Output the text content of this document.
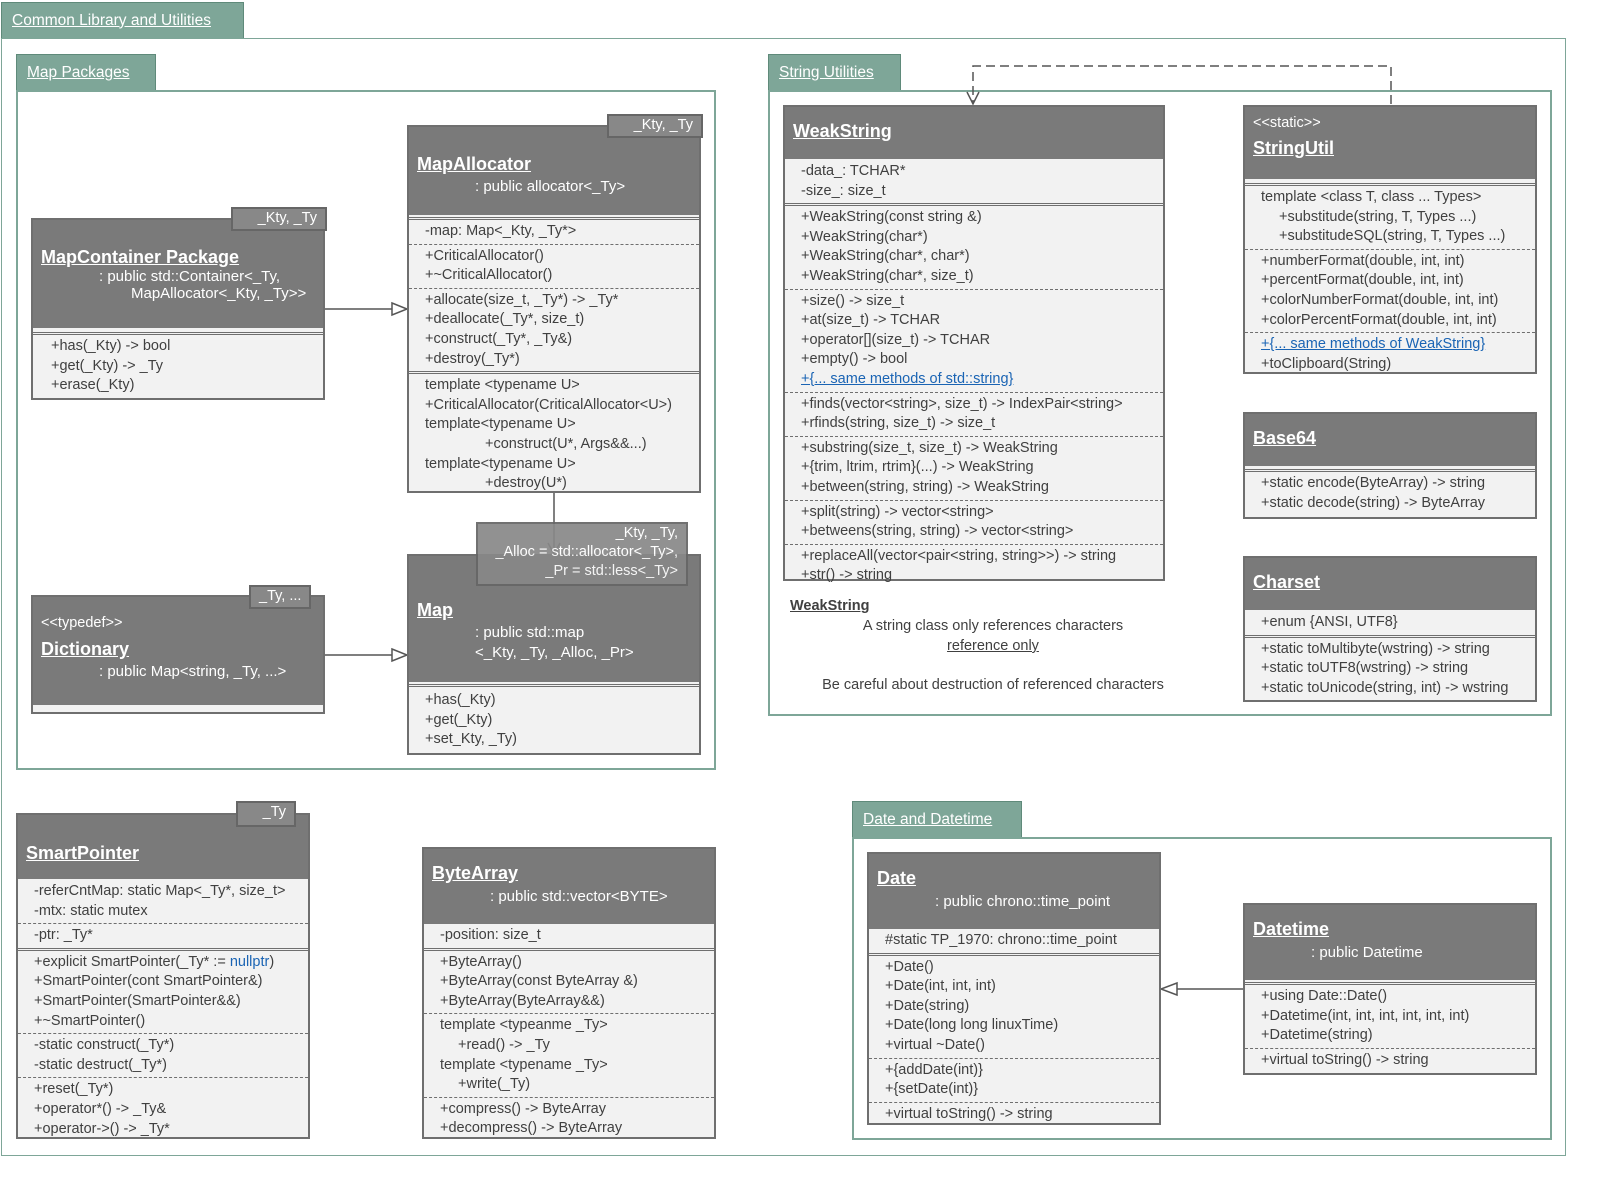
Common Library and Utilities
Map Packages	String Utilities
Date and Datetime
MapContainer Package
: public std::Container<_Ty,
MapAllocator<_Kty, _Ty>>
+has(_Kty) -> bool
+get(_Kty) -> _Ty
+erase(_Kty)
_Kty, _Ty
MapAllocator
: public allocator<_Ty>
-map: Map<_Kty, _Ty*>
+CriticalAllocator()
+~CriticalAllocator()
+allocate(size_t, _Ty*) -> _Ty*
+deallocate(_Ty*, size_t)
+construct(_Ty*, _Ty&)
+destroy(_Ty*)
template <typename U>
+CriticalAllocator(CriticalAllocator<U>)
template<typename U>
+construct(U*, Args&&...)
template<typename U>
+destroy(U*)
_Kty, _Ty
<<typedef>>
Dictionary
: public Map<string, _Ty, ...>
_Ty, ...
Map
: public std::map
<_Kty, _Ty, _Alloc, _Pr>
+has(_Kty)
+get(_Kty)
+set_Kty, _Ty)
_Kty, _Ty,
_Alloc = std::allocator<_Ty>,
_Pr = std::less<_Ty>
WeakString
-data_: TCHAR*
-size_: size_t
+WeakString(const string &)
+WeakString(char*)
+WeakString(char*, char*)
+WeakString(char*, size_t)
+size() -> size_t
+at(size_t) -> TCHAR
+operator[](size_t) -> TCHAR
+empty() -> bool
+{... same methods of std::string}
+finds(vector<string>, size_t) -> IndexPair<string>
+rfinds(string, size_t) -> size_t
+substring(size_t, size_t) -> WeakString
+{trim, ltrim, rtrim}(...) -> WeakString
+between(string, string) -> WeakString
+split(string) -> vector<string>
+betweens(string, string) -> vector<string>
+replaceAll(vector<pair<string, string>>) -> string
+str() -> string
WeakString
A string class only references characters
reference only
Be careful about destruction of referenced characters
<<static>>
StringUtil
template <class T, class ... Types>
+substitude(string, T, Types ...)
+substitudeSQL(string, T, Types ...)
+numberFormat(double, int, int)
+percentFormat(double, int, int)
+colorNumberFormat(double, int, int)
+colorPercentFormat(double, int, int)
+{... same methods of WeakString}
+toClipboard(String)
Base64
+static encode(ByteArray) -> string
+static decode(string) -> ByteArray
Charset
+enum {ANSI, UTF8}
+static toMultibyte(wstring) -> string
+static toUTF8(wstring) -> string
+static toUnicode(string, int) -> wstring
SmartPointer
-referCntMap: static Map<_Ty*, size_t>
-mtx: static mutex
-ptr: _Ty*
+explicit SmartPointer(_Ty* := nullptr)
+SmartPointer(cont SmartPointer&)
+SmartPointer(SmartPointer&&)
+~SmartPointer()
-static construct(_Ty*)
-static destruct(_Ty*)
+reset(_Ty*)
+operator*() -> _Ty&
+operator->() -> _Ty*
_Ty
ByteArray
: public std::vector<BYTE>
-position: size_t
+ByteArray()
+ByteArray(const ByteArray &)
+ByteArray(ByteArray&&)
template <typeanme _Ty>
+read() -> _Ty
template <typename _Ty>
+write(_Ty)
+compress() -> ByteArray
+decompress() -> ByteArray
Date
: public chrono::time_point
#static TP_1970: chrono::time_point
+Date()
+Date(int, int, int)
+Date(string)
+Date(long long linuxTime)
+virtual ~Date()
+{addDate(int)}
+{setDate(int)}
+virtual toString() -> string
Datetime
: public Datetime
+using Date::Date()
+Datetime(int, int, int, int, int, int)
+Datetime(string)
+virtual toString() -> string
